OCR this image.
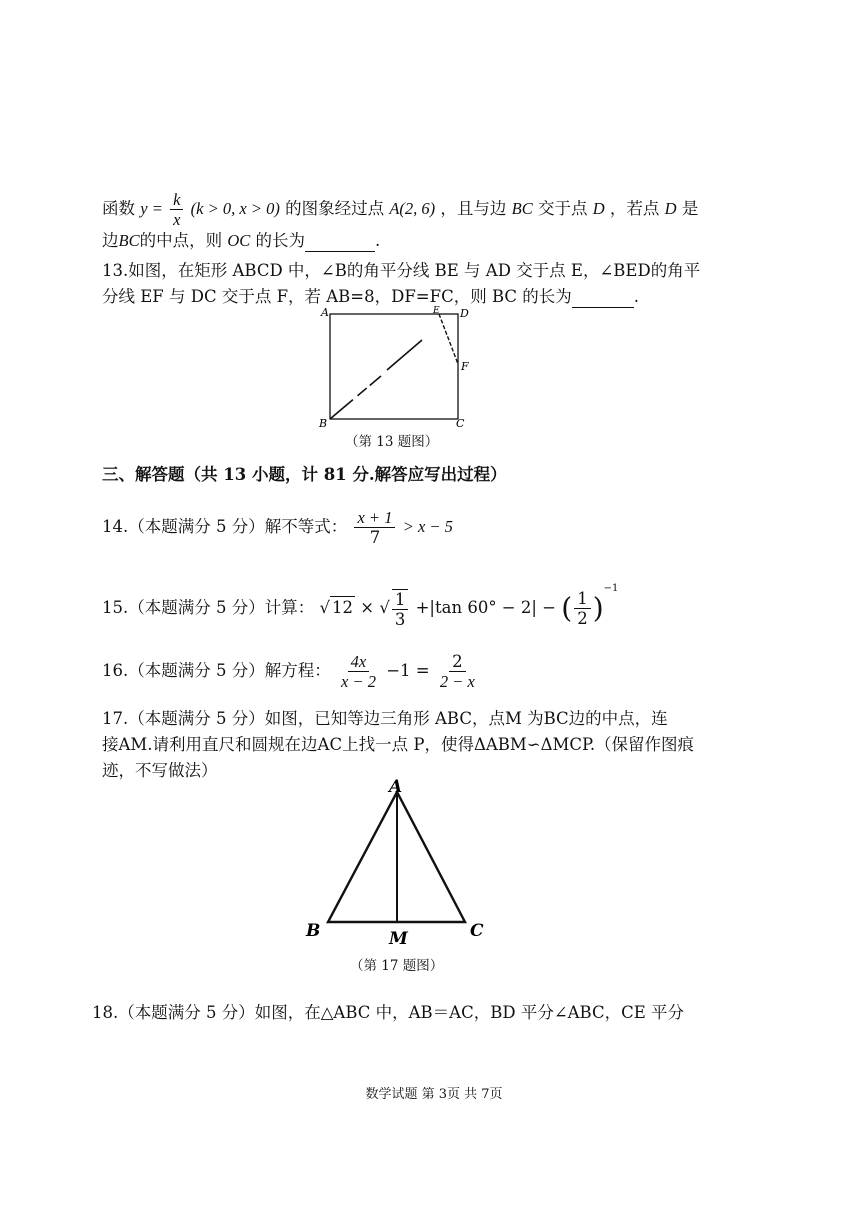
函数 $y = \frac{k}{x} (k > 0$, x > 0) 的图象经过点 A(2, 6) ，且与边 BC 交于点 D ，若点 D 是
边BC的中点，则 OC 的长为	.
13.如图，在矩形 ABCD 中，∠B的角平分线 BE 与 AD 交于点 E，∠BED的角平
分线 EF 与 DC 交于点 F，若 AB=8，DF=FC，则 BC 的长为	.
A	E D
F
B	C
（第 13 题图）
三、解答题（共 13 小题，计 81 分.解答应写出过程）
14.（本题满分 5 分）解不等式： $\frac{x + 1}{7} > x - 5$
15.（本题满分 5 分）计算： √ 12 × √ $\frac{1}{3} +|\tan$ 60° − 2| − ( $\frac{1}{2} )^{-1}$
16.（本题满分 5 分）解方程： $\frac{4x}{x - 2} -1 = \frac{2}{2 - x}$
17.（本题满分 5 分）如图，已知等边三角形 ABC，点M 为BC边的中点，连
接AM.请利用直尺和圆规在边AC上找一点 P，使得ΔABM∽ΔMCP.（保留作图痕
迹，不写做法）
A
B	M	C
（第 17 题图）
18.（本题满分 5 分）如图，在△ABC 中，AB＝AC，BD 平分∠ABC，CE 平分
数学试题 第 3页 共 7页
